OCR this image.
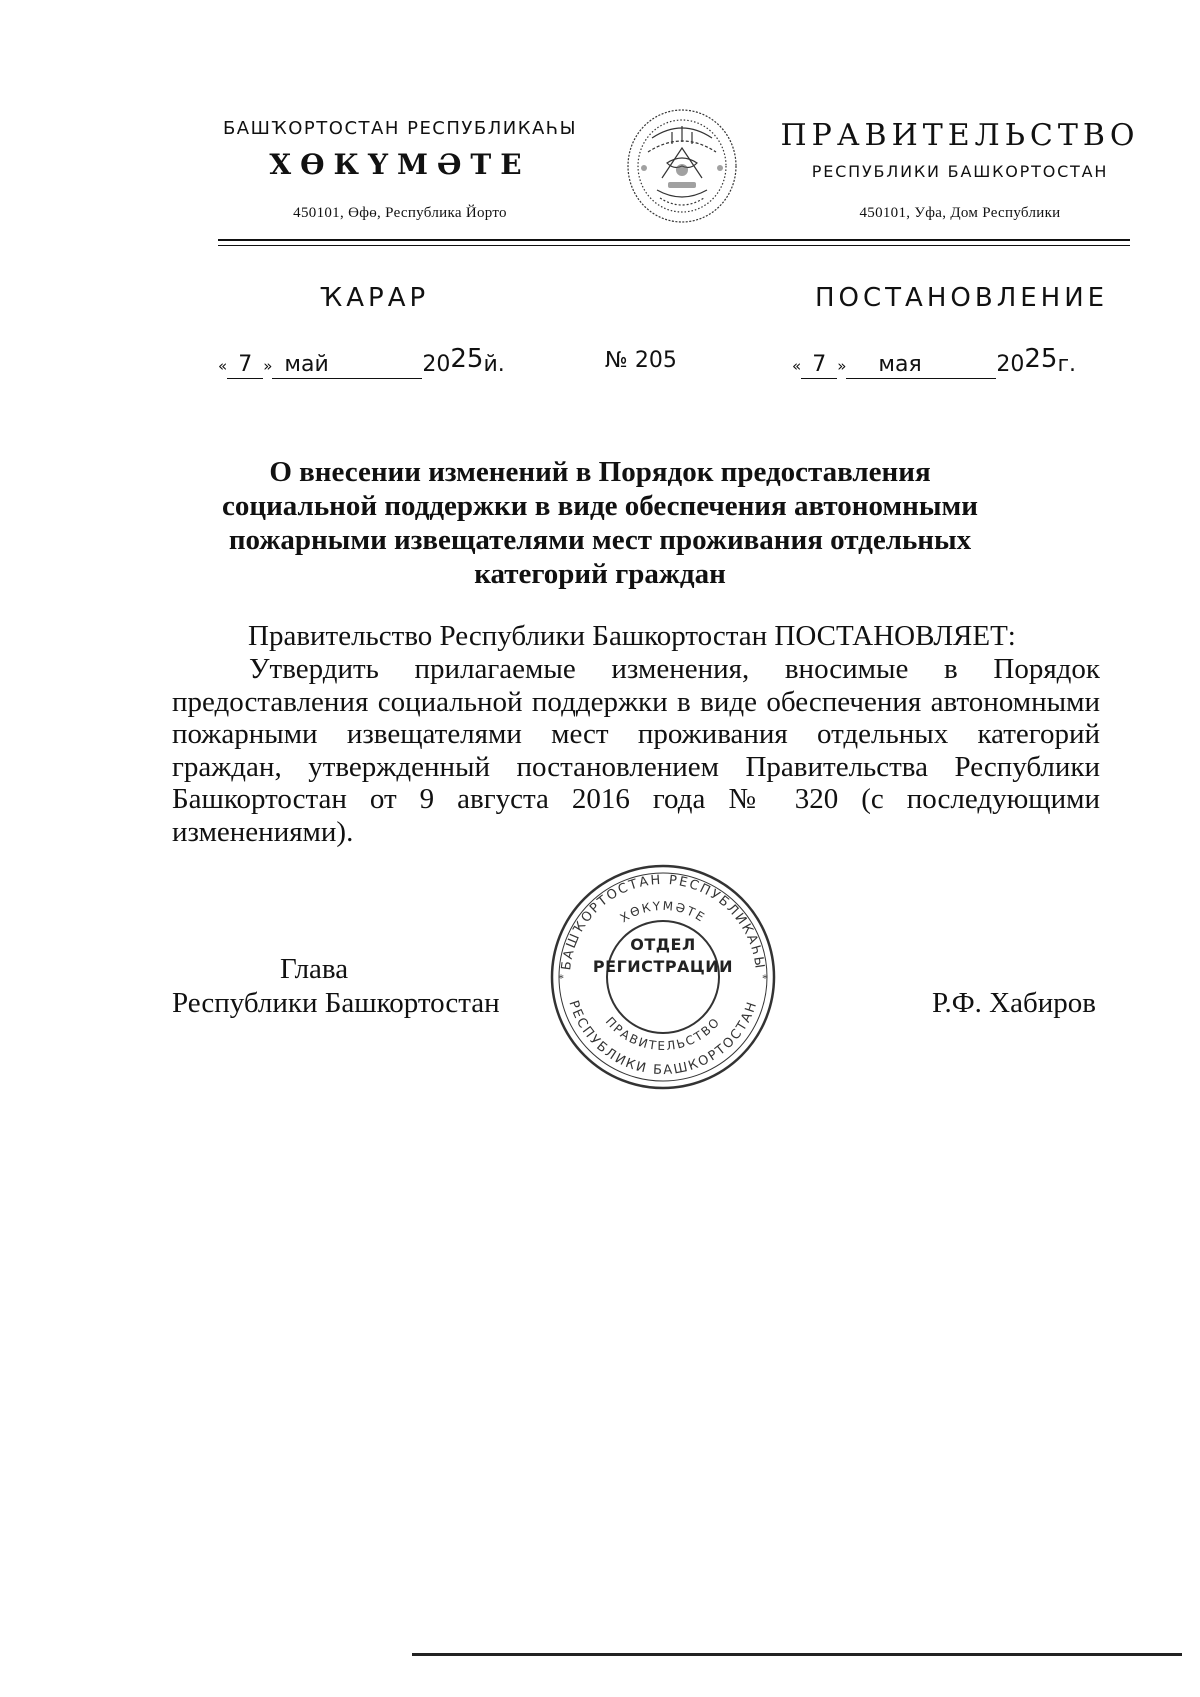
БАШҠОРТОСТАН РЕСПУБЛИКАҺЫ
ХӨКҮМӘТЕ
450101, Өфө, Республика Йорто
ПРАВИТЕЛЬСТВО
РЕСПУБЛИКИ БАШКОРТОСТАН
450101, Уфа, Дом Республики
ҠАРАР	ПОСТАНОВЛЕНИЕ
« 7 » май	2025й.	№ 205	« 7 » мая	2025г.
О внесении изменений в Порядок предоставления социальной поддержки в виде обеспечения автономными пожарными извещателями мест проживания отдельных категорий граждан
Правительство Республики Башкортостан ПОСТАНОВЛЯЕТ:
Утвердить прилагаемые изменения, вносимые в Порядок предоставления социальной поддержки в виде обеспечения автономными пожарными извещателями мест проживания отдельных категорий граждан, утвержденный постановлением Правительства Республики Башкортостан от 9 августа 2016 года № 320 (с последующими изменениями).
Глава
Республики Башкортостан	Р.Ф. Хабиров
БАШҠОРТОСТАН РЕСПУБЛИКАҺЫ
ХӨКҮМӘТЕ
ПРАВИТЕЛЬСТВО
РЕСПУБЛИКИ БАШКОРТОСТАН
*	*
ОТДЕЛ
РЕГИСТРАЦИИ
